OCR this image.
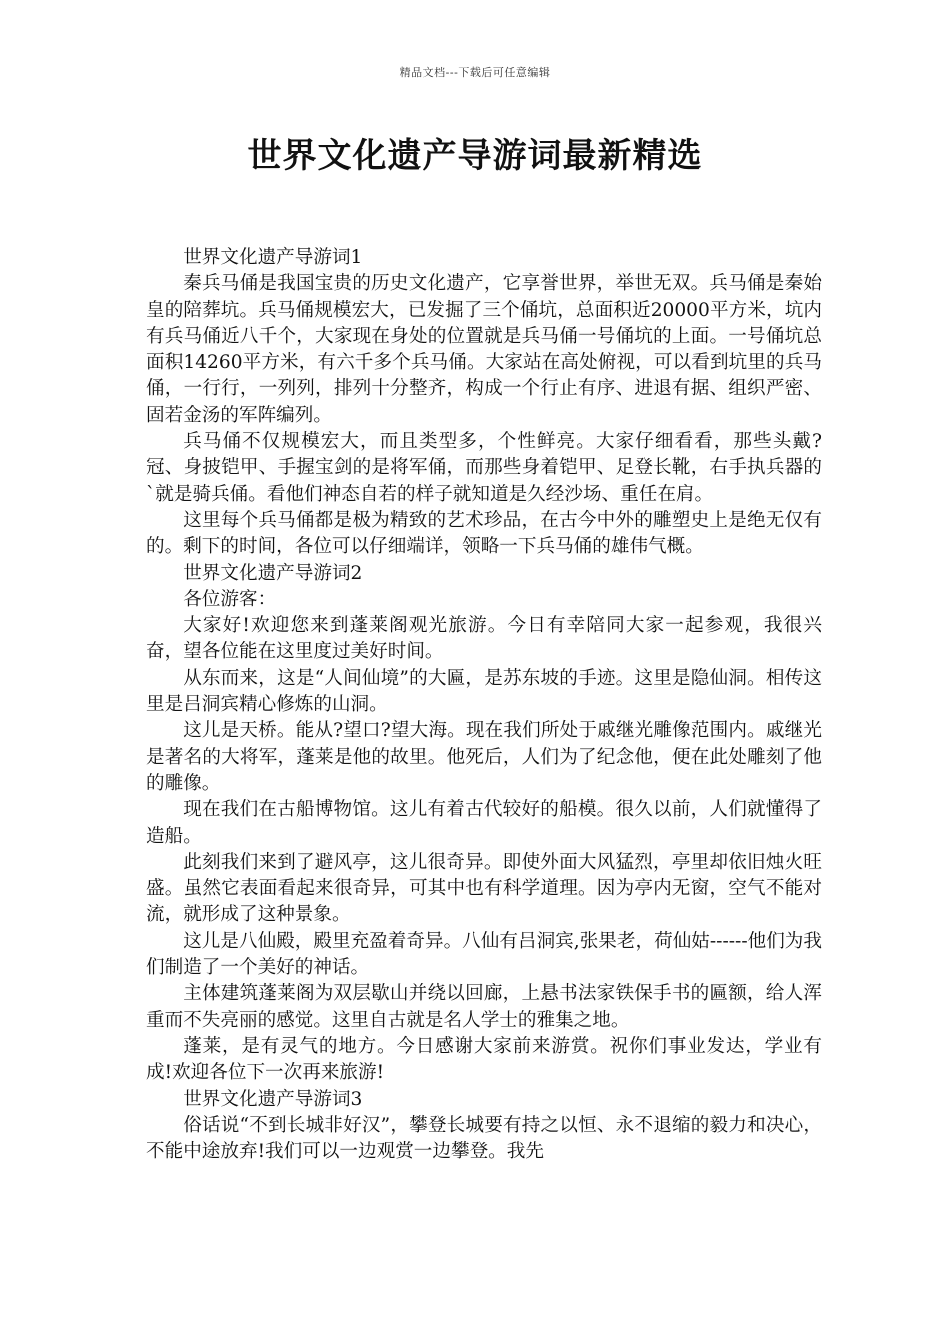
精品文档---下载后可任意编辑
世界文化遗产导游词最新精选

世界文化遗产导游词1

秦兵马俑是我国宝贵的历史文化遗产，它享誉世界，举世无双。兵马俑是秦始皇的陪葬坑。兵马俑规模宏大，已发掘了三个俑坑，总面积近20000平方米，坑内有兵马俑近八千个，大家现在身处的位置就是兵马俑一号俑坑的上面。一号俑坑总面积14260平方米，有六千多个兵马俑。大家站在高处俯视，可以看到坑里的兵马俑，一行行，一列列，排列十分整齐，构成一个行止有序、进退有据、组织严密、固若金汤的军阵编列。

兵马俑不仅规模宏大，而且类型多，个性鲜亮。大家仔细看看，那些头戴?冠、身披铠甲、手握宝剑的是将军俑，而那些身着铠甲、足登长靴，右手执兵器的`就是骑兵俑。看他们神态自若的样子就知道是久经沙场、重任在肩。

这里每个兵马俑都是极为精致的艺术珍品，在古今中外的雕塑史上是绝无仅有的。剩下的时间，各位可以仔细端详，领略一下兵马俑的雄伟气概。

世界文化遗产导游词2

各位游客：

大家好!欢迎您来到蓬莱阁观光旅游。今日有幸陪同大家一起参观，我很兴奋，望各位能在这里度过美好时间。

从东而来，这是“人间仙境”的大匾，是苏东坡的手迹。这里是隐仙洞。相传这里是吕洞宾精心修炼的山洞。

这儿是天桥。能从?望口?望大海。现在我们所处于戚继光雕像范围内。戚继光是著名的大将军，蓬莱是他的故里。他死后，人们为了纪念他，便在此处雕刻了他的雕像。

现在我们在古船博物馆。这儿有着古代较好的船模。很久以前，人们就懂得了造船。

此刻我们来到了避风亭，这儿很奇异。即使外面大风猛烈，亭里却依旧烛火旺盛。虽然它表面看起来很奇异，可其中也有科学道理。因为亭内无窗，空气不能对流，就形成了这种景象。

这儿是八仙殿，殿里充盈着奇异。八仙有吕洞宾,张果老，荷仙姑------他们为我们制造了一个美好的神话。

主体建筑蓬莱阁为双层歇山并绕以回廊，上悬书法家铁保手书的匾额，给人浑重而不失亮丽的感觉。这里自古就是名人学士的雅集之地。

蓬莱，是有灵气的地方。今日感谢大家前来游赏。祝你们事业发达，学业有成!欢迎各位下一次再来旅游!

世界文化遗产导游词3

俗话说“不到长城非好汉”，攀登长城要有持之以恒、永不退缩的毅力和决心，不能中途放弃!我们可以一边观赏一边攀登。我先
